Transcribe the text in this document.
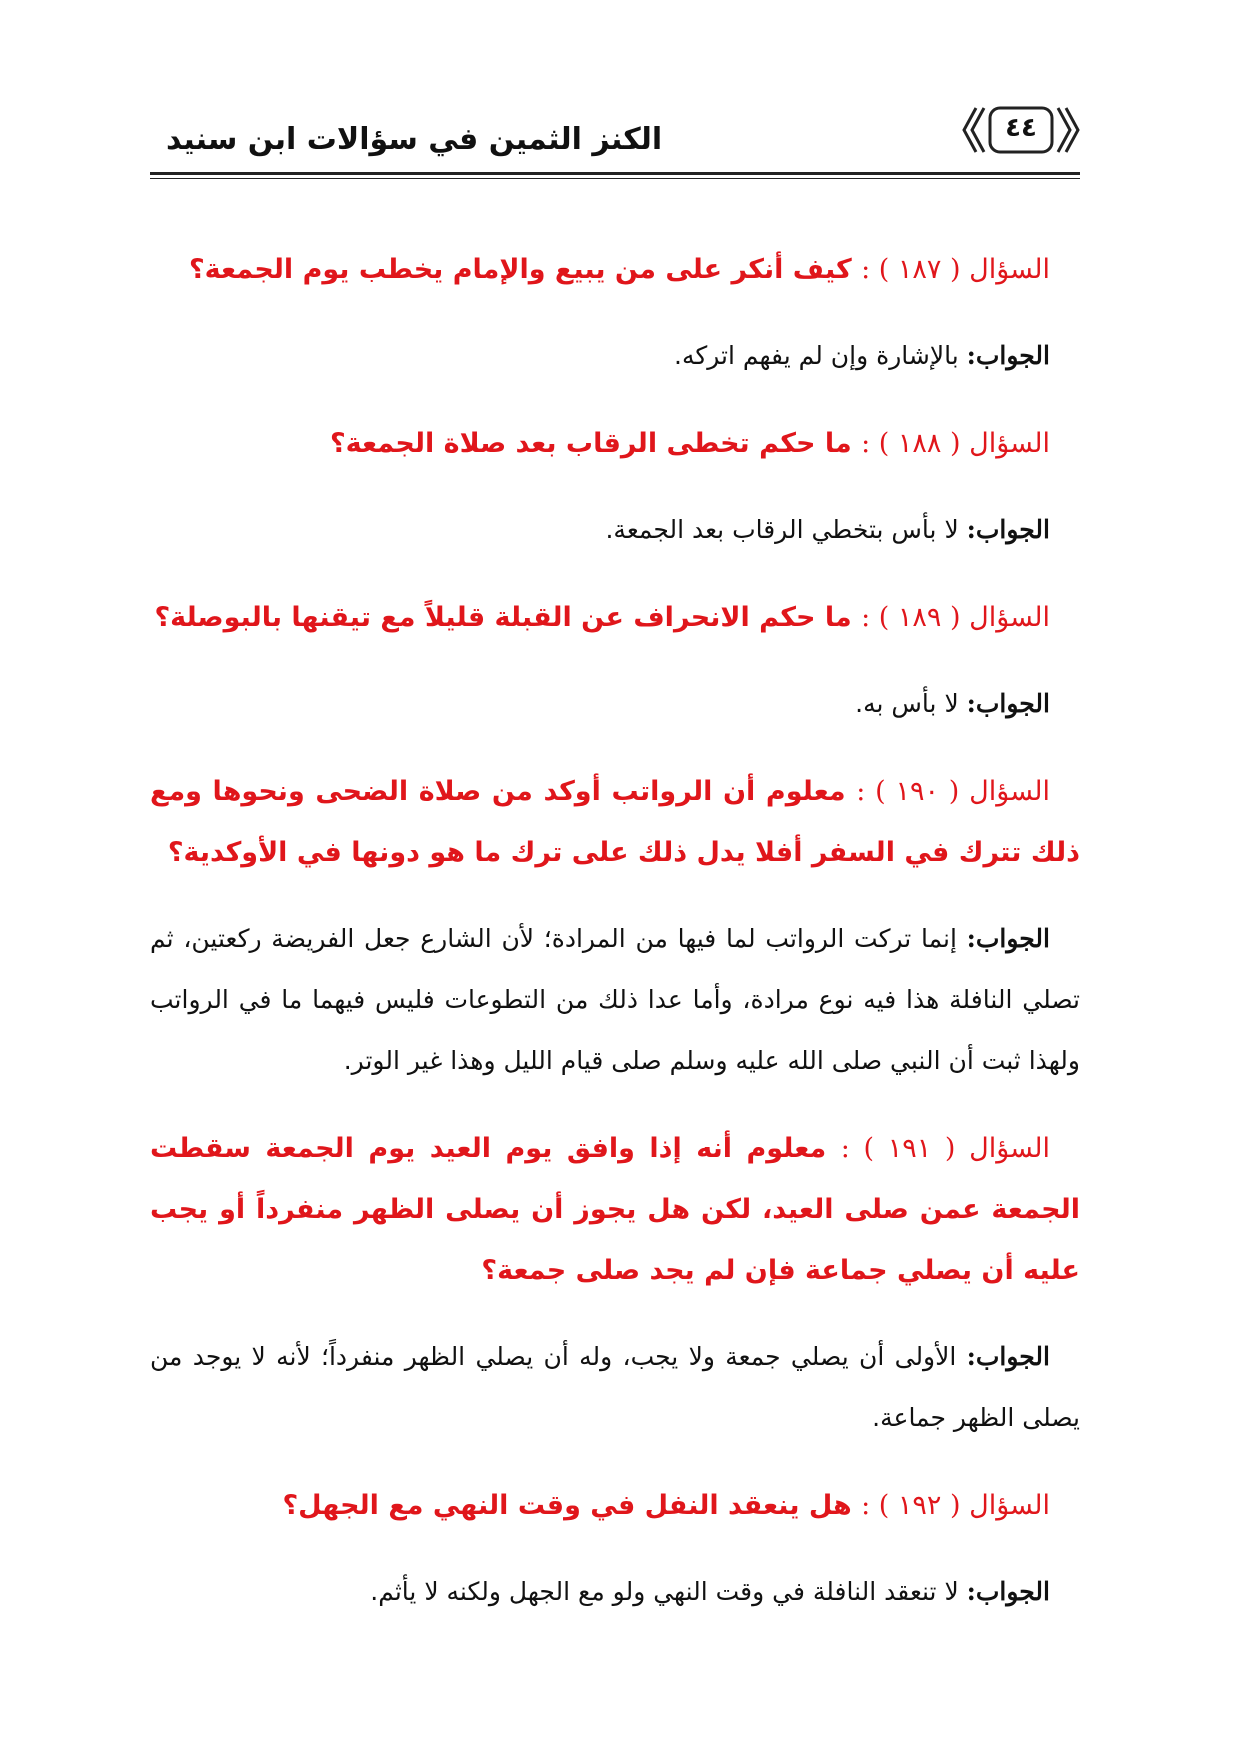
الكنز الثمين في سؤالات ابن سنيد	٤٤

السؤال ( ١٨٧ ) : كيف أنكر على من يبيع والإمام يخطب يوم الجمعة؟

الجواب: بالإشارة وإن لم يفهم اتركه.

السؤال ( ١٨٨ ) : ما حكم تخطى الرقاب بعد صلاة الجمعة؟

الجواب: لا بأس بتخطي الرقاب بعد الجمعة.

السؤال ( ١٨٩ ) : ما حكم الانحراف عن القبلة قليلاً مع تيقنها بالبوصلة؟

الجواب: لا بأس به.

السؤال ( ١٩٠ ) : معلوم أن الرواتب أوكد من صلاة الضحى ونحوها ومع ذلك تترك في السفر أفلا يدل ذلك على ترك ما هو دونها في الأوكدية؟

الجواب: إنما تركت الرواتب لما فيها من المرادة؛ لأن الشارع جعل الفريضة ركعتين، ثم تصلي النافلة هذا فيه نوع مرادة، وأما عدا ذلك من التطوعات فليس فيهما ما في الرواتب ولهذا ثبت أن النبي صلى الله عليه وسلم صلى قيام الليل وهذا غير الوتر.

السؤال ( ١٩١ ) : معلوم أنه إذا وافق يوم العيد يوم الجمعة سقطت الجمعة عمن صلى العيد، لكن هل يجوز أن يصلى الظهر منفرداً أو يجب عليه أن يصلي جماعة فإن لم يجد صلى جمعة؟

الجواب: الأولى أن يصلي جمعة ولا يجب، وله أن يصلي الظهر منفرداً؛ لأنه لا يوجد من يصلى الظهر جماعة.

السؤال ( ١٩٢ ) : هل ينعقد النفل في وقت النهي مع الجهل؟

الجواب: لا تنعقد النافلة في وقت النهي ولو مع الجهل ولكنه لا يأثم.
